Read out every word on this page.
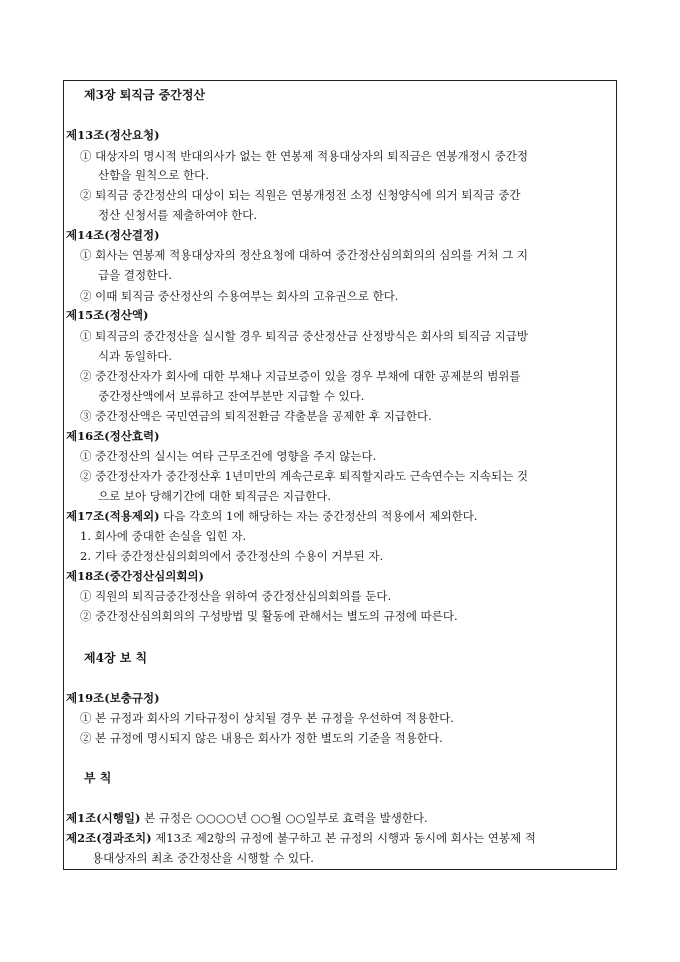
제3장 퇴직금 중간정산
제13조(정산요청)
① 대상자의 명시적 반대의사가 없는 한 연봉제 적용대상자의 퇴직금은 연봉개정시 중간정
산함을 원칙으로 한다.
② 퇴직금 중간정산의 대상이 되는 직원은 연봉개정전 소정 신청양식에 의거 퇴직금 중간
정산 신청서를 제출하여야 한다.
제14조(정산결정)
① 회사는 연봉제 적용대상자의 정산요청에 대하여 중간정산심의회의의 심의를 거쳐 그 지
급을 결정한다.
② 이때 퇴직금 중산정산의 수용여부는 회사의 고유권으로 한다.
제15조(정산액)
① 퇴직금의 중간정산을 실시할 경우 퇴직금 중산정산금 산정방식은 회사의 퇴직금 지급방
식과 동일하다.
② 중간정산자가 회사에 대한 부채나 지급보증이 있을 경우 부채에 대한 공제분의 범위를
중간정산액에서 보류하고 잔여부분만 지급할 수 있다.
③ 중간정산액은 국민연금의 퇴직전환금 갹출분을 공제한 후 지급한다.
제16조(정산효력)
① 중간정산의 실시는 여타 근무조건에 영향을 주지 않는다.
② 중간정산자가 중간정산후 1년미만의 계속근로후 퇴직할지라도 근속연수는 지속되는 것
으로 보아 당해기간에 대한 퇴직금은 지급한다.
제17조(적용제외) 다음 각호의 1에 해당하는 자는 중간정산의 적용에서 제외한다.
1. 회사에 중대한 손실을 입힌 자.
2. 기타 중간정산심의회의에서 중간정산의 수용이 거부된 자.
제18조(중간정산심의회의)
① 직원의 퇴직금중간정산을 위하여 중간정산심의회의를 둔다.
② 중간정산심의회의의 구성방법 및 활동에 관해서는 별도의 규정에 따른다.
제4장 보 칙
제19조(보충규정)
① 본 규정과 회사의 기타규정이 상치될 경우 본 규정을 우선하여 적용한다.
② 본 규정에 명시되지 않은 내용은 회사가 정한 별도의 기준을 적용한다.
부 칙
제1조(시행일) 본 규정은 ○○○○년 ○○월 ○○일부로 효력을 발생한다.
제2조(경과조치) 제13조 제2항의 규정에 불구하고 본 규정의 시행과 동시에 회사는 연봉제 적
용대상자의 최초 중간정산을 시행할 수 있다.
